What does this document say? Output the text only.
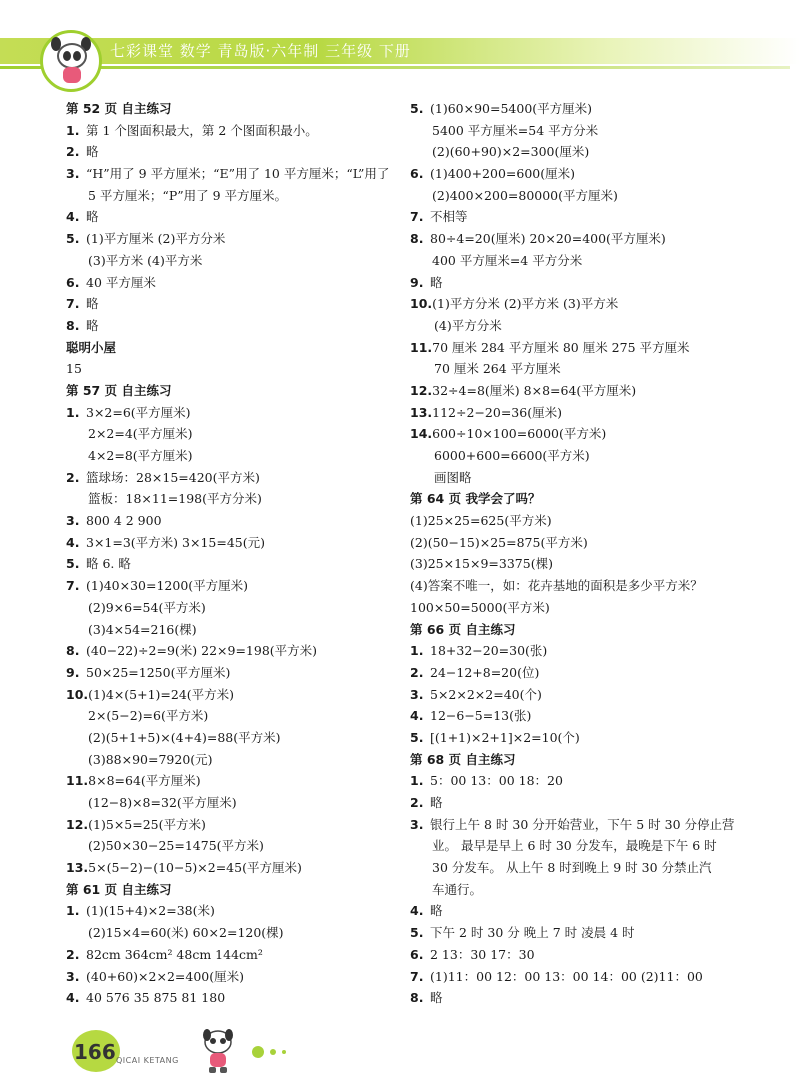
七彩课堂 数学 青岛版·六年制 三年级 下册
第 52 页 自主练习
1. 第 1 个图面积最大，第 2 个图面积最小。
2. 略
3. “H”用了 9 平方厘米；“E”用了 10 平方厘米；“L”用了
5 平方厘米；“P”用了 9 平方厘米。
4. 略
5. (1)平方厘米 (2)平方分米
(3)平方米 (4)平方米
6. 40 平方厘米
7. 略
8. 略
聪明小屋
15
第 57 页 自主练习
1. 3×2=6(平方厘米)
2×2=4(平方厘米)
4×2=8(平方厘米)
2. 篮球场：28×15=420(平方米)
篮板：18×11=198(平方分米)
3. 800 4 2 900
4. 3×1=3(平方米) 3×15=45(元)
5. 略 6. 略
7. (1)40×30=1200(平方厘米)
(2)9×6=54(平方米)
(3)4×54=216(棵)
8. (40−22)÷2=9(米) 22×9=198(平方米)
9. 50×25=1250(平方厘米)
10.(1)4×(5+1)=24(平方米)
2×(5−2)=6(平方米)
(2)(5+1+5)×(4+4)=88(平方米)
(3)88×90=7920(元)
11.8×8=64(平方厘米)
(12−8)×8=32(平方厘米)
12.(1)5×5=25(平方米)
(2)50×30−25=1475(平方米)
13.5×(5−2)−(10−5)×2=45(平方厘米)
第 61 页 自主练习
1. (1)(15+4)×2=38(米)
(2)15×4=60(米) 60×2=120(棵)
2. 82cm 364cm² 48cm 144cm²
3. (40+60)×2×2=400(厘米)
4. 40 576 35 875 81 180
5. (1)60×90=5400(平方厘米)
5400 平方厘米=54 平方分米
(2)(60+90)×2=300(厘米)
6. (1)400+200=600(厘米)
(2)400×200=80000(平方厘米)
7. 不相等
8. 80÷4=20(厘米) 20×20=400(平方厘米)
400 平方厘米=4 平方分米
9. 略
10.(1)平方分米 (2)平方米 (3)平方米
(4)平方分米
11.70 厘米 284 平方厘米 80 厘米 275 平方厘米
70 厘米 264 平方厘米
12.32÷4=8(厘米) 8×8=64(平方厘米)
13.112÷2−20=36(厘米)
14.600÷10×100=6000(平方米)
6000+600=6600(平方米)
画图略
第 64 页 我学会了吗？
(1)25×25=625(平方米)
(2)(50−15)×25=875(平方米)
(3)25×15×9=3375(棵)
(4)答案不唯一，如：花卉基地的面积是多少平方米？
100×50=5000(平方米)
第 66 页 自主练习
1. 18+32−20=30(张)
2. 24−12+8=20(位)
3. 5×2×2×2=40(个)
4. 12−6−5=13(张)
5. [(1+1)×2+1]×2=10(个)
第 68 页 自主练习
1. 5：00 13：00 18：20
2. 略
3. 银行上午 8 时 30 分开始营业，下午 5 时 30 分停止营
业。 最早是早上 6 时 30 分发车，最晚是下午 6 时
30 分发车。 从上午 8 时到晚上 9 时 30 分禁止汽
车通行。
4. 略
5. 下午 2 时 30 分 晚上 7 时 凌晨 4 时
6. 2 13：30 17：30
7. (1)11：00 12：00 13：00 14：00 (2)11：00
8. 略
166 QICAI KETANG
